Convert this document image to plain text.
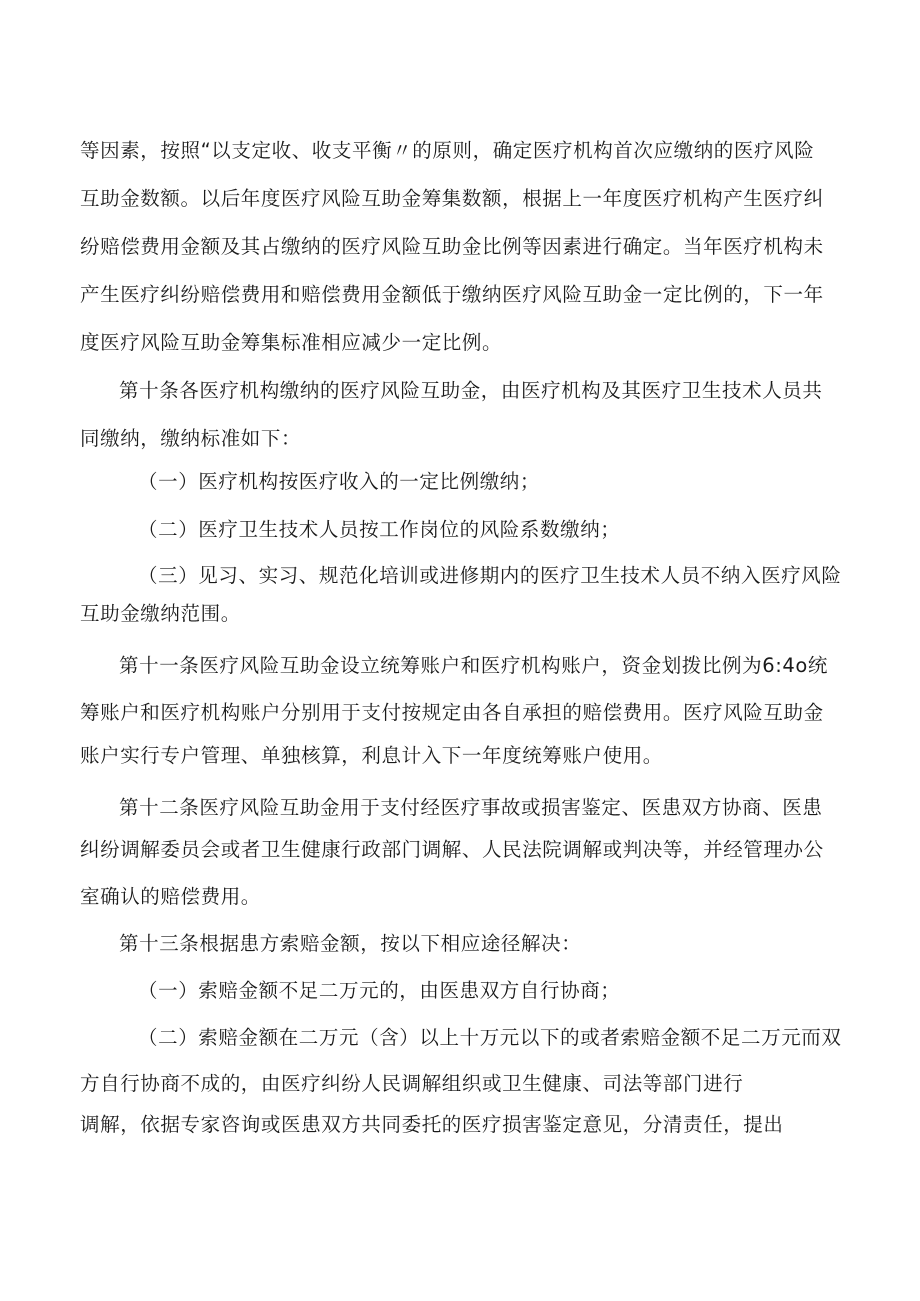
等因素，按照“以支定收、收支平衡〃的原则，确定医疗机构首次应缴纳的医疗风险
互助金数额。以后年度医疗风险互助金筹集数额，根据上一年度医疗机构产生医疗纠
纷赔偿费用金额及其占缴纳的医疗风险互助金比例等因素进行确定。当年医疗机构未
产生医疗纠纷赔偿费用和赔偿费用金额低于缴纳医疗风险互助金一定比例的，下一年
度医疗风险互助金筹集标准相应减少一定比例。
第十条各医疗机构缴纳的医疗风险互助金，由医疗机构及其医疗卫生技术人员共
同缴纳，缴纳标准如下：
（一）医疗机构按医疗收入的一定比例缴纳；
（二）医疗卫生技术人员按工作岗位的风险系数缴纳；
（三）见习、实习、规范化培训或进修期内的医疗卫生技术人员不纳入医疗风险
互助金缴纳范围。
第十一条医疗风险互助金设立统筹账户和医疗机构账户，资金划拨比例为6:4o统
筹账户和医疗机构账户分别用于支付按规定由各自承担的赔偿费用。医疗风险互助金
账户实行专户管理、单独核算，利息计入下一年度统筹账户使用。
第十二条医疗风险互助金用于支付经医疗事故或损害鉴定、医患双方协商、医患
纠纷调解委员会或者卫生健康行政部门调解、人民法院调解或判决等，并经管理办公
室确认的赔偿费用。
第十三条根据患方索赔金额，按以下相应途径解决：
（一）索赔金额不足二万元的，由医患双方自行协商；
（二）索赔金额在二万元（含）以上十万元以下的或者索赔金额不足二万元而双
方自行协商不成的，由医疗纠纷人民调解组织或卫生健康、司法等部门进行
调解，依据专家咨询或医患双方共同委托的医疗损害鉴定意见，分清责任，提出
